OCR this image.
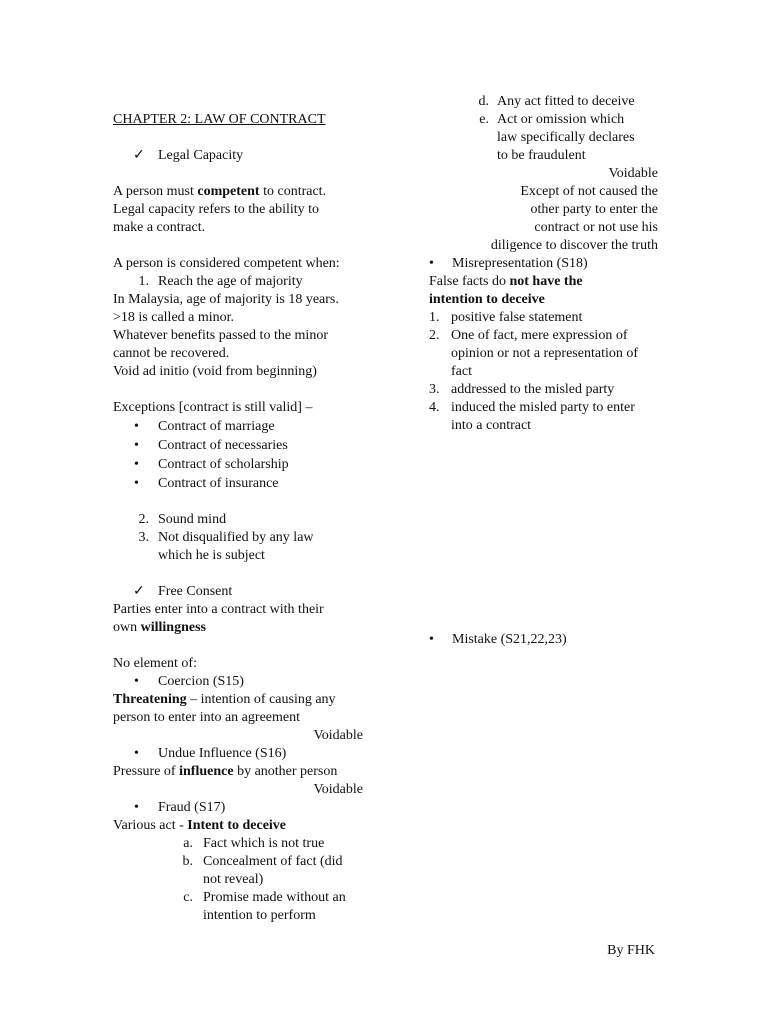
CHAPTER 2: LAW OF CONTRACT

✓ Legal Capacity

A person must competent to contract.

Legal capacity refers to the ability to

make a contract.

A person is considered competent when:

1. Reach the age of majority

In Malaysia, age of majority is 18 years.

>18 is called a minor.

Whatever benefits passed to the minor

cannot be recovered.

Void ad initio (void from beginning)

Exceptions [contract is still valid] –

• Contract of marriage
• Contract of necessaries
• Contract of scholarship
• Contract of insurance
2. Sound mind
3. Not disqualified by any law
which he is subject
✓ Free Consent

Parties enter into a contract with their

own willingness

No element of:

• Coercion (S15)

Threatening – intention of causing any

person to enter into an agreement

Voidable

• Undue Influence (S16)

Pressure of influence by another person

Voidable

• Fraud (S17)

Various act - Intent to deceive

a. Fact which is not true
b. Concealment of fact (did
not reveal)
c. Promise made without an
intention to perform
d. Any act fitted to deceive
e. Act or omission which
law specifically declares
to be fraudulent

Voidable

Except of not caused the

other party to enter the

contract or not use his

diligence to discover the truth

• Misrepresentation (S18)

False facts do not have the

intention to deceive

1. positive false statement
2. One of fact, mere expression of
opinion or not a representation of
fact
3. addressed to the misled party
4. induced the misled party to enter
into a contract
• Mistake (S21,22,23)
By FHK
